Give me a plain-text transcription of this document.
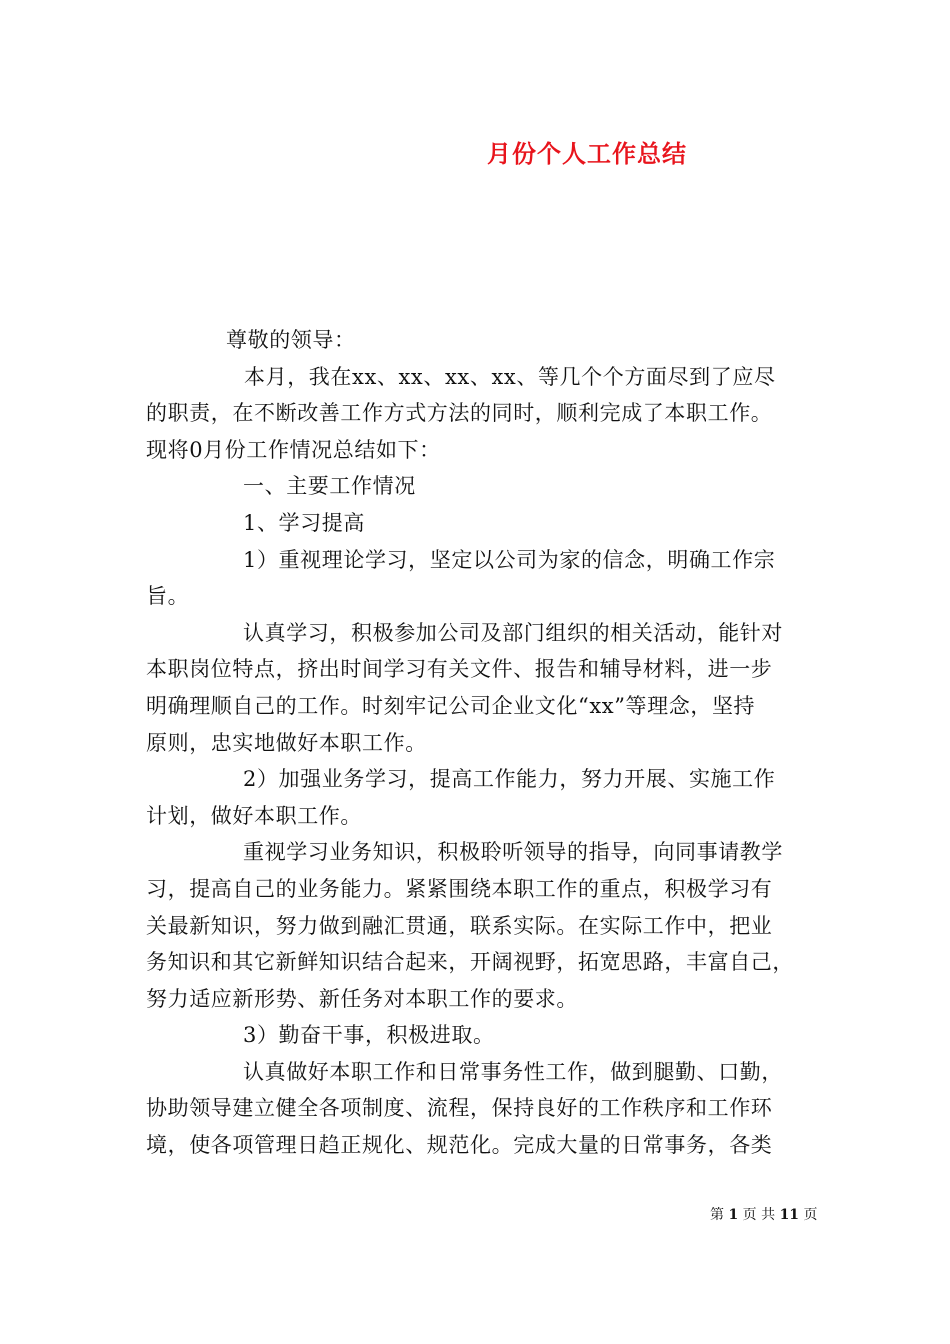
月份个人工作总结
尊敬的领导：
本月，我在xx、xx、xx、xx、等几个个方面尽到了应尽
的职责，在不断改善工作方式方法的同时，顺利完成了本职工作。
现将0月份工作情况总结如下：
一、主要工作情况
1、学习提高
1）重视理论学习，坚定以公司为家的信念，明确工作宗
旨。
认真学习，积极参加公司及部门组织的相关活动，能针对
本职岗位特点，挤出时间学习有关文件、报告和辅导材料，进一步
明确理顺自己的工作。时刻牢记公司企业文化“xx”等理念，坚持
原则，忠实地做好本职工作。
2）加强业务学习，提高工作能力，努力开展、实施工作
计划，做好本职工作。
重视学习业务知识，积极聆听领导的指导，向同事请教学
习，提高自己的业务能力。紧紧围绕本职工作的重点，积极学习有
关最新知识，努力做到融汇贯通，联系实际。在实际工作中，把业
务知识和其它新鲜知识结合起来，开阔视野，拓宽思路，丰富自己，
努力适应新形势、新任务对本职工作的要求。
3）勤奋干事，积极进取。
认真做好本职工作和日常事务性工作，做到腿勤、口勤，
协助领导建立健全各项制度、流程，保持良好的工作秩序和工作环
境，使各项管理日趋正规化、规范化。完成大量的日常事务，各类
第 1 页 共 11 页
